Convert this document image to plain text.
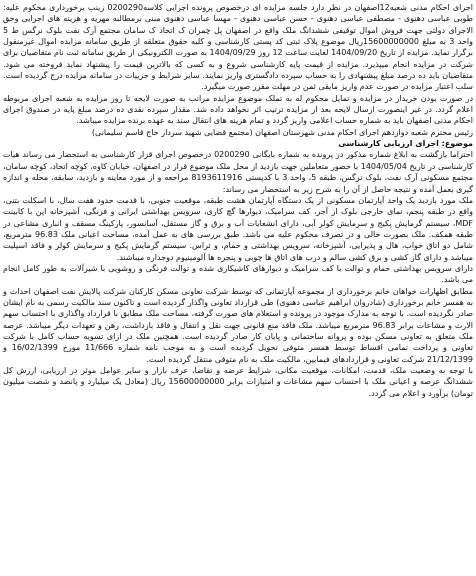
اجرای احکام مدنی شعبه12اصفهان در نظر دارد جلسه مزایده ای درخصوص پرونده اجرایی کلاسه0200290 زینب برخورداری محکوم علیه: طوبی عباسی دهنوی - مصطفی عباسی دهنوی - حسن عباسی دهنوی - مهسا عباسی دهنوی مبنی برمطالبه مهریه و هزینه های اجرایی وحق الاجرای دولتی جهت فروش اموال توقیفی ششدانگ ملک واقع در اصفهان پل چمران ک اتحاد ک سامان مجتمع آرک نفت بلوک نرگس ط 5 واحد 3 به مبلغ 15600000000ریال موضوع پلاک ثبتی کد پستی کارشناسی و کلیه حقوق متعلقه از طریق سامانه مزایده اموال غیرمنقول برگزار نماید. مزایده از تاریخ 1404/09/20 لغایت ساعت 12 روز 1404/09/29 به صورت الکترونیکی از طریق سامانه ثبت نام متقاضیان برای شرکت در مزایده انجام میپذیرد. مزایده از قیمت پایه کارشناسی شروع و به کسی که بالاترین قیمت را پیشنهاد نماید فروخته می شود. متقاضیان باید ده درصد مبلغ پیشنهادی را به حساب سپرده دادگستری واریز نمایند. سایر شرایط و جزییات در سامانه مزایده درج گردیده است. سلب اعتبار مزایده در صورت عدم واریز مابقی ثمن در مهلت مقرر صورت میگیرد.

در صورت بودن خریدار در مزایده و تمایل محکوم له به تملک موضوع مزایده مراتب به صورت لایحه تا روز مزایده به شعبه اجرای مربوطه اعلام گردد. در غیر اینصورت ازسال لایحه بعد از مزایده ترتیب اثر نخواهد داده شد. مقدار سپرده نقدی ده درصد مبلغ پایه در صندوق اجرای احکام مدنی اصفهان باید به شماره حساب اعلامی واریز گردد و تمام هزینه های انتقال سند به عهده برنده مزایده میباشد.

رئیس محترم شعبه دوازدهم اجرای احکام مدنی شهرستان اصفهان (مجتمع قضایی شهید سردار حاج قاسم سلیمانی)

موضوع: اجرای ارزیابی کارشناسی

احتراما بازگشت به ابلاغ شماره مذکور در پرونده به شماره بایگانی 0200290 درخصوص اجرای قرار کارشناسی به استحضار می رساند هیات کارشناسی در تاریخ 1404/05/04 با حضور متعاملین جهت بازدید از محل ملک موضوع قرار در اصفهان، خیابان کاوه، کوچه اتحاد، کوچه سامان، مجتمع مسکونی آرک نفت، بلوک نرگس، طبقه 5، واحد 3 با کدپستی 8193611916 مراجعه و از مورد معاینه و بازدید، سابقه، محله و اندازه گیری بعمل آمده و نتیجه حاصل از آن را به شرح زیر به استحضار می رساند:

ملک مورد بازدید یک واحد آپارتمان مسکونی از یک دستگاه آپارتمان هشت طبقه، موقعیت جنوبی، با قدمت حدود هفت سال، با اسکلت بتنی، واقع در طبقه پنجم، نمای خارجی بلوک از آجر، کف سرامیک، دیوارها گچ کاری، سرویس بهداشتی ایرانی و فرنگی، آشپزخانه اپن با کابینت MDF، سیستم گرمایش پکیج و سرمایش کولر آبی، دارای انشعابات آب و برق و گاز مستقل، آسانسور، پارکینگ مسقف و انباری مشاعی در طبقه همکف. ملک بصورت خالی و در تصرف محکوم علیه می باشد. طبق بررسی های به عمل آمده، مساحت اعیانی ملک 96.83 مترمربع، شامل دو اتاق خواب، هال و پذیرایی، آشپزخانه، سرویس بهداشتی و حمام، و تراس. سیستم گرمایش پکیج و سرمایش کولر و فاقد اسپلیت میباشد و دارای گاز کشی و برق کشی سالم و درب های اتاق ها چوبی و پنجره ها آلومینیوم دوجداره میباشند.

دارای سرویس بهداشتی حمام و توالت با کف سرامیک و دیوارهای کاشیکاری شده و توالت فرنگی و روشویی با شیرآلات به طور کامل انجام می باشد.

مطابق اظهارات خواهان خانم برخورداری از مجموعه آپارتمانی که توسط شرکت تعاونی مسکن کارکنان شرکت پالایش نفت اصفهان احداث و به همسر خانم برخورداری (شادروان ابراهیم عباسی دهنوی) طی قرارداد تعاونی واگذار گردیده است و تاکنون سند مالکیت رسمی به نام ایشان صادر نگردیده است. با توجه به مدارک موجود در پرونده و استعلام های صورت گرفته، مساحت ملک مطابق با قرارداد واگذاری با احتساب سهم الارث و مشاعات برابر 96.83 مترمربع میباشد. ملک فاقد منع قانونی جهت نقل و انتقال و فاقد بازداشت، رهن و تعهدات دیگر میباشد. عرصه ملک متعلق به تعاونی مسکن بوده و پروانه ساختمانی و پایان کار صادر گردیده است. همچنین ملک در ازای تسویه حساب کامل با شرکت تعاونی و پرداخت تمامی اقساط توسط همسر متوفی تحویل گردیده است و به موجب نامه شماره 11/666 مورخ 16/02/1399 و 21/12/1399 شرکت تعاونی و قراردادهای فیمابین، مالکیت ملک به نام متوفی منتقل گردیده است.

با توجه به وضعیت ملک، قدمت، امکانات، موقعیت مکانی، شرایط عرضه و تقاضا، عرف بازار و سایر عوامل موثر در ارزیابی، ارزش کل ششدانگ عرصه و اعیانی ملک با احتساب سهم مشاعات و امتیازات برابر 15600000000 ریال (معادل یک میلیارد و پانصد و شصت میلیون تومان) برآورد و اعلام می گردد.
